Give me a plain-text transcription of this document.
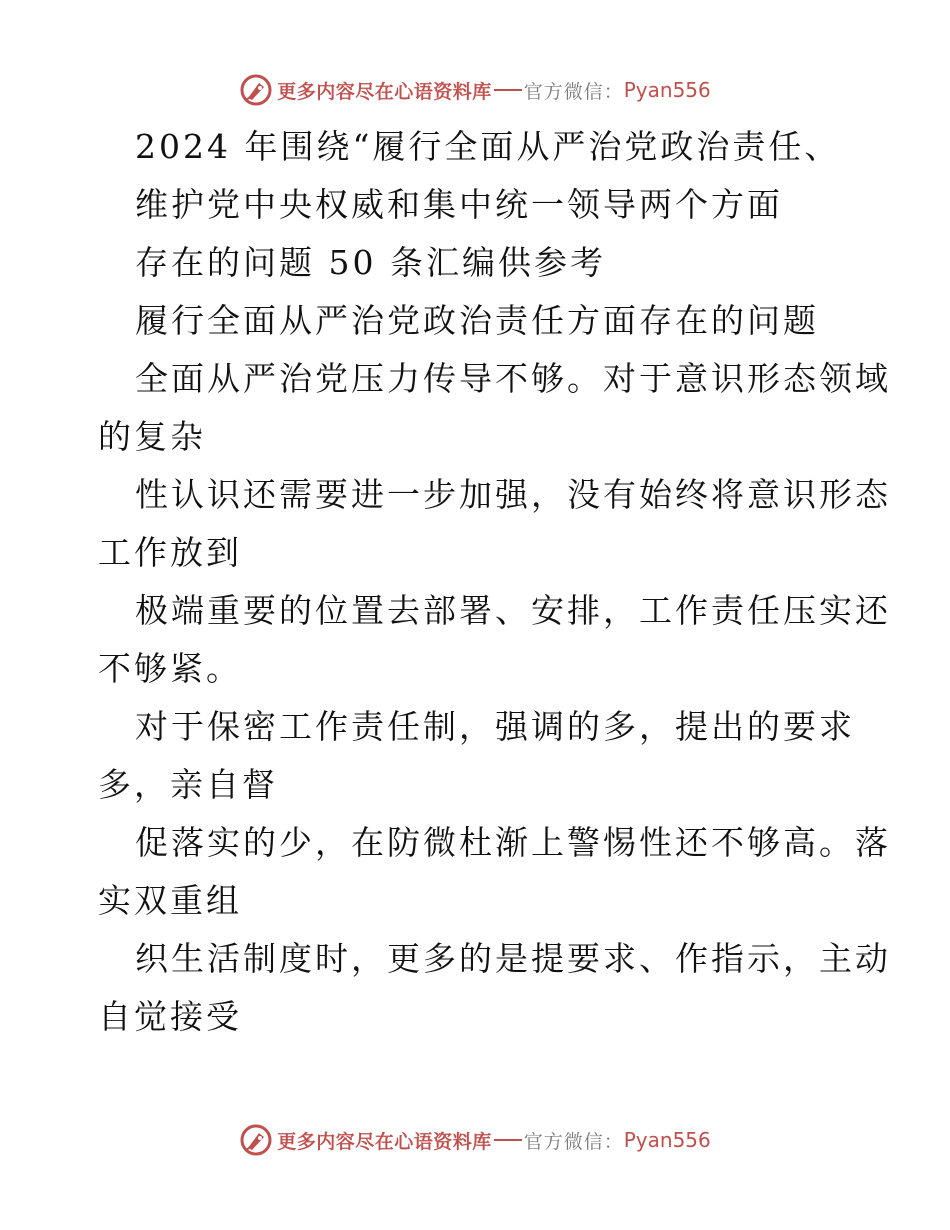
更多内容尽在心语资料库 官方微信： Pyan556

2024 年围绕“履行全面从严治党政治责任、

维护党中央权威和集中统一领导两个方面

存在的问题 50 条汇编供参考

履行全面从严治党政治责任方面存在的问题

全面从严治党压力传导不够。对于意识形态领域

的复杂

性认识还需要进一步加强，没有始终将意识形态

工作放到

极端重要的位置去部署、安排，工作责任压实还

不够紧。

对于保密工作责任制，强调的多，提出的要求

多，亲自督

促落实的少，在防微杜渐上警惕性还不够高。落

实双重组

织生活制度时，更多的是提要求、作指示，主动

自觉接受

更多内容尽在心语资料库 官方微信： Pyan556
